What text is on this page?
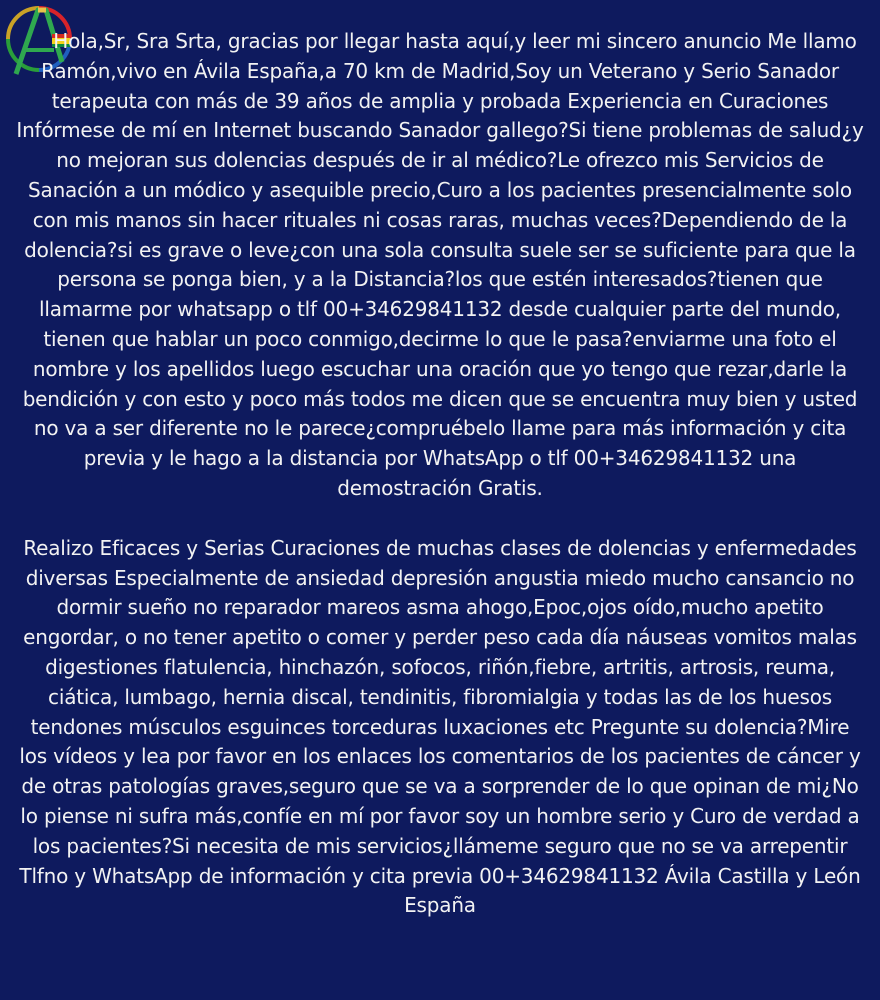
Hola,Sr, Sra Srta, gracias por llegar hasta aquí,y leer mi sincero anuncio Me llamo Ramón,vivo en Ávila España,a 70 km de Madrid,Soy un Veterano y Serio Sanador terapeuta con más de 39 años de amplia y probada Experiencia en Curaciones Infórmese de mí en Internet buscando Sanador gallego?Si tiene problemas de salud¿y no mejoran sus dolencias después de ir al médico?Le ofrezco mis Servicios de Sanación a un módico y asequible precio,Curo a los pacientes presencialmente solo con mis manos sin hacer rituales ni cosas raras, muchas veces?Dependiendo de la dolencia?si es grave o leve¿con una sola consulta suele ser se suficiente para que la persona se ponga bien, y a la Distancia?los que estén interesados?tienen que llamarme por whatsapp o tlf 00+34629841132 desde cualquier parte del mundo, tienen que hablar un poco conmigo,decirme lo que le pasa?enviarme una foto el nombre y los apellidos luego escuchar una oración que yo tengo que rezar,darle la bendición y con esto y poco más todos me dicen que se encuentra muy bien y usted no va a ser diferente no le parece¿compruébelo llame para más información y cita previa y le hago a la distancia por WhatsApp o tlf 00+34629841132 una demostración Gratis.

Realizo Eficaces y Serias Curaciones de muchas clases de dolencias y enfermedades diversas Especialmente de ansiedad depresión angustia miedo mucho cansancio no dormir sueño no reparador mareos asma ahogo,Epoc,ojos oído,mucho apetito engordar, o no tener apetito o comer y perder peso cada día náuseas vomitos malas digestiones flatulencia, hinchazón, sofocos, riñón,fiebre, artritis, artrosis, reuma, ciática, lumbago, hernia discal, tendinitis, fibromialgia y todas las de los huesos tendones músculos esguinces torceduras luxaciones etc Pregunte su dolencia?Mire los vídeos y lea por favor en los enlaces los comentarios de los pacientes de cáncer y de otras patologías graves,seguro que se va a sorprender de lo que opinan de mi¿No lo piense ni sufra más,confíe en mí por favor soy un hombre serio y Curo de verdad a los pacientes?Si necesita de mis servicios¿llámeme seguro que no se va arrepentir Tlfno y WhatsApp de información y cita previa 00+34629841132 Ávila Castilla y León España
